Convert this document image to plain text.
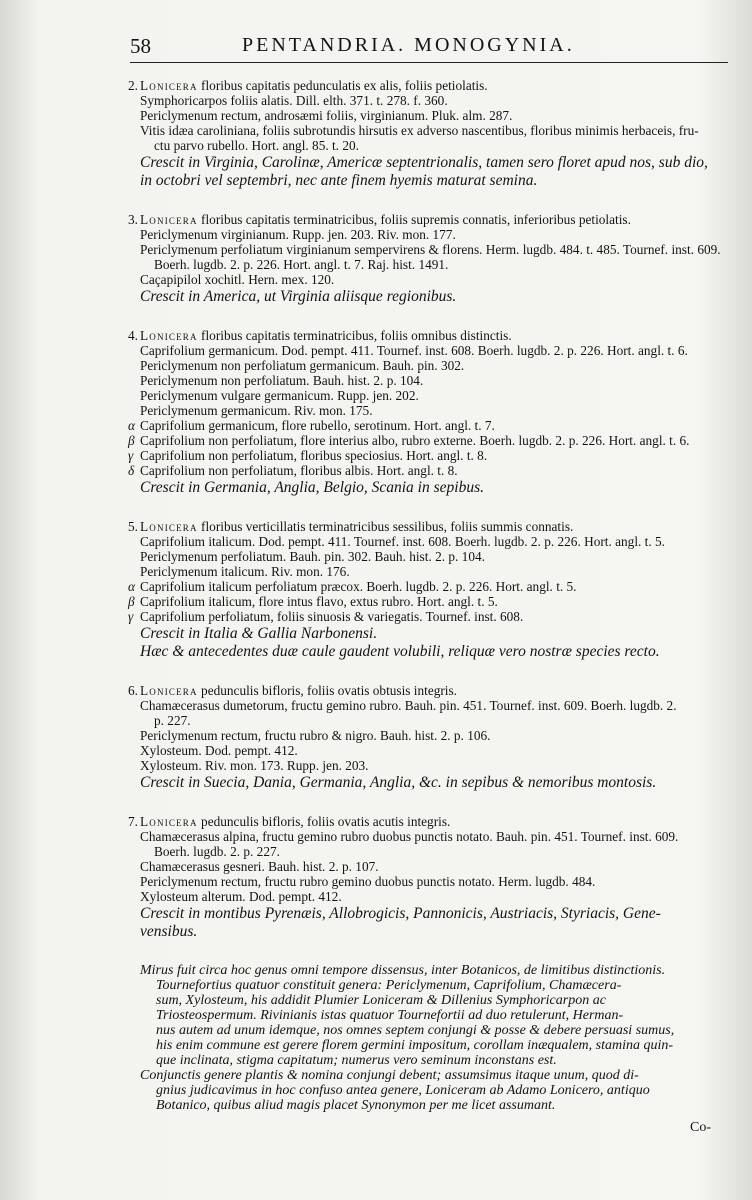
58	PENTANDRIA. MONOGYNIA.
2. Lonicera floribus capitatis pedunculatis ex alis, foliis petiolatis.
Symphoricarpos foliis alatis. Dill. elth. 371. t. 278. f. 360.
Periclymenum rectum, androsæmi foliis, virginianum. Pluk. alm. 287.
Vitis idæa caroliniana, foliis subrotundis hirsutis ex adverso nascentibus, floribus minimis herbaceis, fru-
ctu parvo rubello. Hort. angl. 85. t. 20.
Crescit in Virginia, Carolinæ, Americæ septentrionalis, tamen sero floret apud nos, sub dio,
in octobri vel septembri, nec ante finem hyemis maturat semina.
3. Lonicera floribus capitatis terminatricibus, foliis supremis connatis, inferioribus petiolatis.
Periclymenum virginianum. Rupp. jen. 203. Riv. mon. 177.
Periclymenum perfoliatum virginianum sempervirens & florens. Herm. lugdb. 484. t. 485. Tournef. inst. 609.
Boerh. lugdb. 2. p. 226. Hort. angl. t. 7. Raj. hist. 1491.
Caçapipilol xochitl. Hern. mex. 120.
Crescit in America, ut Virginia aliisque regionibus.
4. Lonicera floribus capitatis terminatricibus, foliis omnibus distinctis.
Caprifolium germanicum. Dod. pempt. 411. Tournef. inst. 608. Boerh. lugdb. 2. p. 226. Hort. angl. t. 6.
Periclymenum non perfoliatum germanicum. Bauh. pin. 302.
Periclymenum non perfoliatum. Bauh. hist. 2. p. 104.
Periclymenum vulgare germanicum. Rupp. jen. 202.
Periclymenum germanicum. Riv. mon. 175.
α Caprifolium germanicum, flore rubello, serotinum. Hort. angl. t. 7.
β Caprifolium non perfoliatum, flore interius albo, rubro externe. Boerh. lugdb. 2. p. 226. Hort. angl. t. 6.
γ Caprifolium non perfoliatum, floribus speciosius. Hort. angl. t. 8.
δ Caprifolium non perfoliatum, floribus albis. Hort. angl. t. 8.
Crescit in Germania, Anglia, Belgio, Scania in sepibus.
5. Lonicera floribus verticillatis terminatricibus sessilibus, foliis summis connatis.
Caprifolium italicum. Dod. pempt. 411. Tournef. inst. 608. Boerh. lugdb. 2. p. 226. Hort. angl. t. 5.
Periclymenum perfoliatum. Bauh. pin. 302. Bauh. hist. 2. p. 104.
Periclymenum italicum. Riv. mon. 176.
α Caprifolium italicum perfoliatum præcox. Boerh. lugdb. 2. p. 226. Hort. angl. t. 5.
β Caprifolium italicum, flore intus flavo, extus rubro. Hort. angl. t. 5.
γ Caprifolium perfoliatum, foliis sinuosis & variegatis. Tournef. inst. 608.
Crescit in Italia & Gallia Narbonensi.
Hæc & antecedentes duæ caule gaudent volubili, reliquæ vero nostræ species recto.
6. Lonicera pedunculis bifloris, foliis ovatis obtusis integris.
Chamæcerasus dumetorum, fructu gemino rubro. Bauh. pin. 451. Tournef. inst. 609. Boerh. lugdb. 2.
p. 227.
Periclymenum rectum, fructu rubro & nigro. Bauh. hist. 2. p. 106.
Xylosteum. Dod. pempt. 412.
Xylosteum. Riv. mon. 173. Rupp. jen. 203.
Crescit in Suecia, Dania, Germania, Anglia, &c. in sepibus & nemoribus montosis.
7. Lonicera pedunculis bifloris, foliis ovatis acutis integris.
Chamæcerasus alpina, fructu gemino rubro duobus punctis notato. Bauh. pin. 451. Tournef. inst. 609.
Boerh. lugdb. 2. p. 227.
Chamæcerasus gesneri. Bauh. hist. 2. p. 107.
Periclymenum rectum, fructu rubro gemino duobus punctis notato. Herm. lugdb. 484.
Xylosteum alterum. Dod. pempt. 412.
Crescit in montibus Pyrenæis, Allobrogicis, Pannonicis, Austriacis, Styriacis, Gene-
vensibus.
Mirus fuit circa hoc genus omni tempore dissensus, inter Botanicos, de limitibus distinctionis.
Tournefortius quatuor constituit genera: Periclymenum, Caprifolium, Chamæcera-
sum, Xylosteum, his addidit Plumier Loniceram & Dillenius Symphoricarpon ac
Triosteospermum. Rivinianis istas quatuor Tournefortii ad duo retulerunt, Herman-
nus autem ad unum idemque, nos omnes septem conjungi & posse & debere persuasi sumus,
his enim commune est gerere florem germini impositum, corollam inæqualem, stamina quin-
que inclinata, stigma capitatum; numerus vero seminum inconstans est.
Conjunctis genere plantis & nomina conjungi debent; assumsimus itaque unum, quod di-
gnius judicavimus in hoc confuso antea genere, Loniceram ab Adamo Lonicero, antiquo
Botanico, quibus aliud magis placet Synonymon per me licet assumant.
Co-
